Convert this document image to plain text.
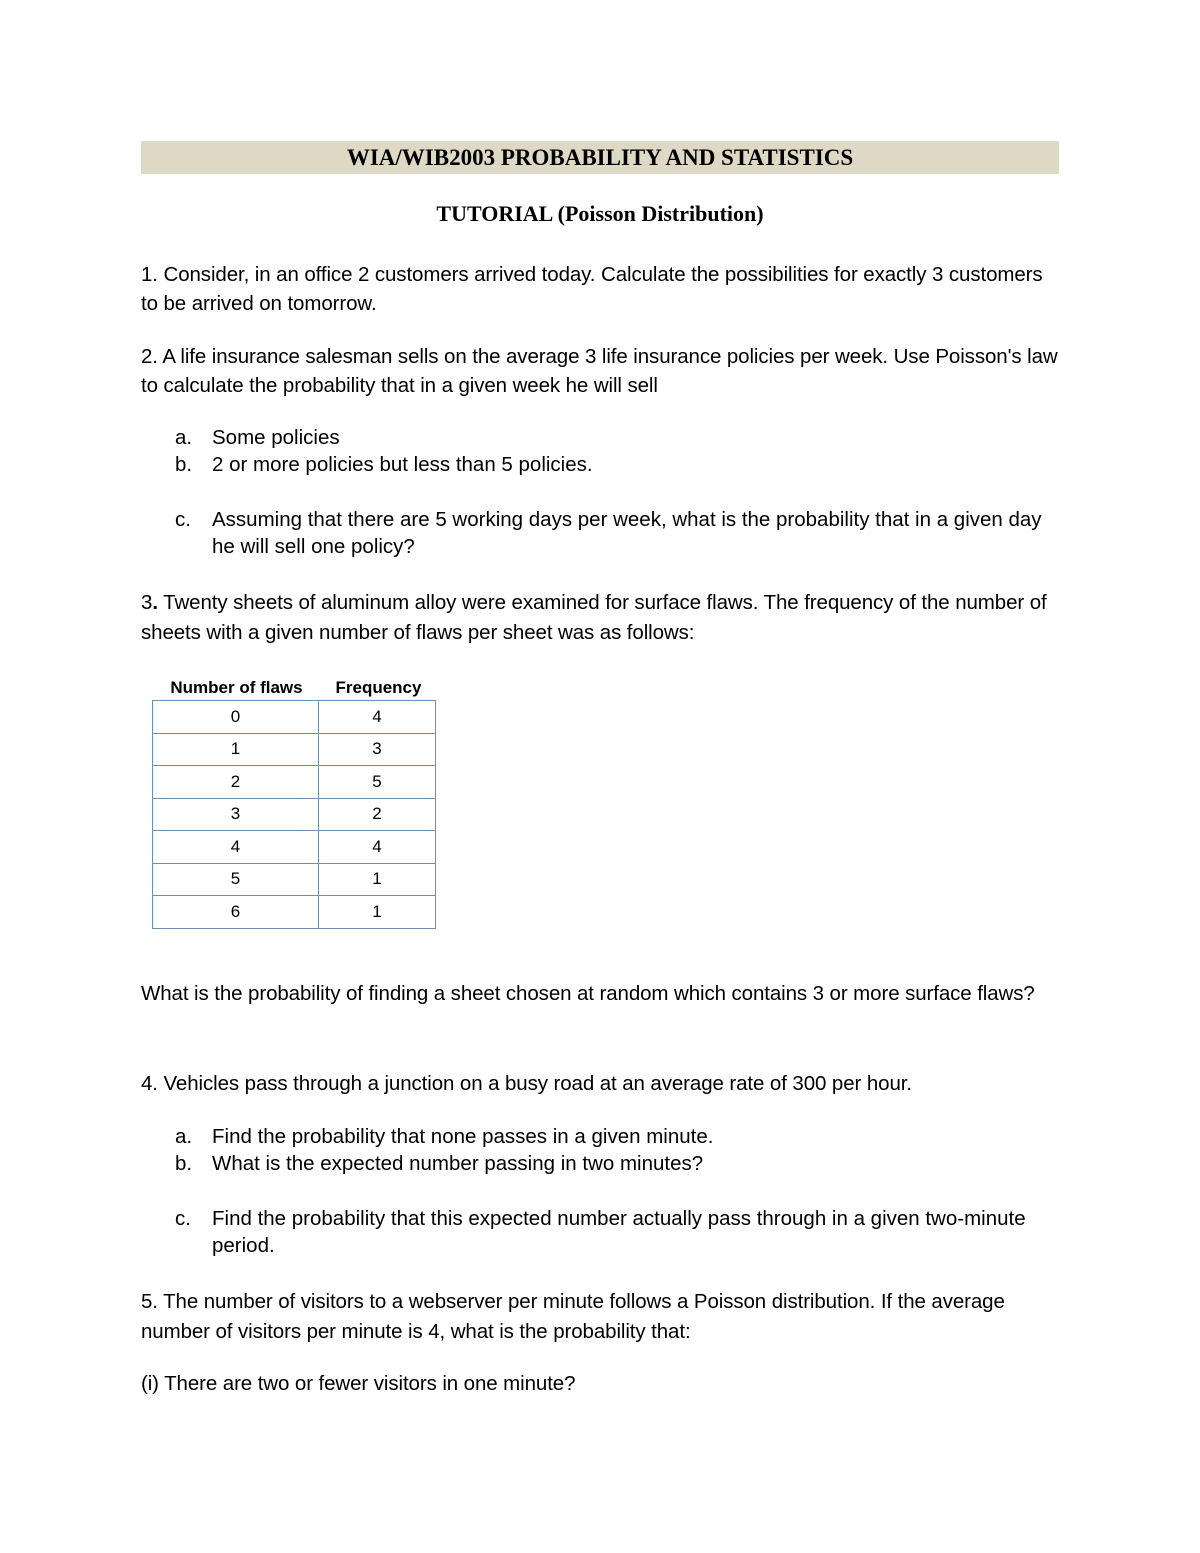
WIA/WIB2003 PROBABILITY AND STATISTICS
TUTORIAL (Poisson Distribution)
1. Consider, in an office 2 customers arrived today. Calculate the possibilities for exactly 3 customers to be arrived on tomorrow.
2. A life insurance salesman sells on the average 3 life insurance policies per week. Use Poisson's law to calculate the probability that in a given week he will sell
a. Some policies
b. 2 or more policies but less than 5 policies.
c. Assuming that there are 5 working days per week, what is the probability that in a given day he will sell one policy?
3. Twenty sheets of aluminum alloy were examined for surface flaws. The frequency of the number of sheets with a given number of flaws per sheet was as follows:
Number of flaws	Frequency
0	4
1	3
2	5
3	2
4	4
5	1
6	1
What is the probability of finding a sheet chosen at random which contains 3 or more surface flaws?
4. Vehicles pass through a junction on a busy road at an average rate of 300 per hour.
a. Find the probability that none passes in a given minute.
b. What is the expected number passing in two minutes?
c. Find the probability that this expected number actually pass through in a given two-minute period.
5. The number of visitors to a webserver per minute follows a Poisson distribution. If the average number of visitors per minute is 4, what is the probability that:
(i) There are two or fewer visitors in one minute?
